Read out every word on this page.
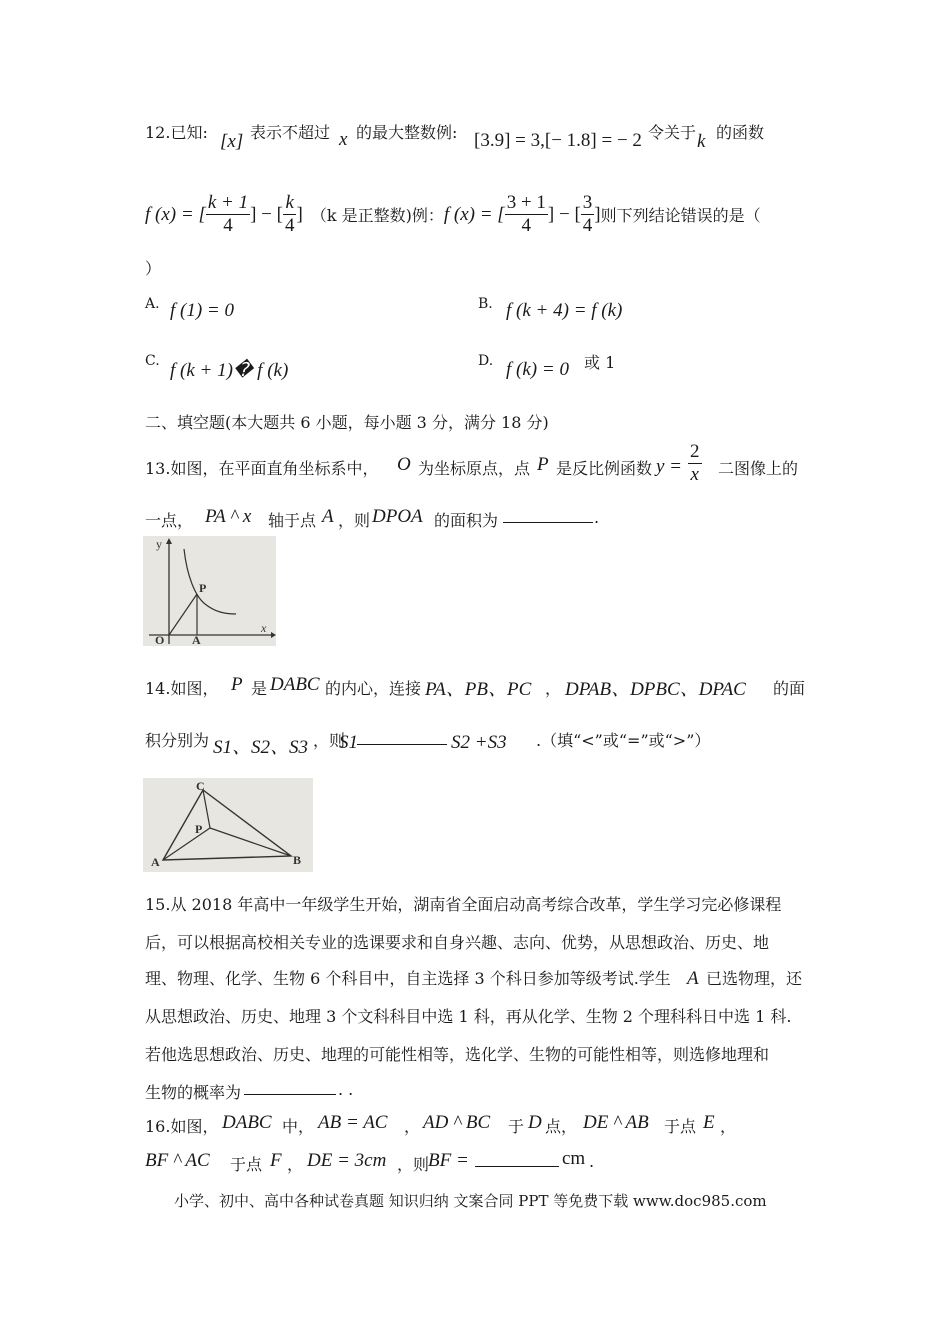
12.已知: [x] 表示不超过 x 的最大整数例: [3.9] = 3,[− 1.8] = − 2 令关于 k 的函数
f (x) = [ $\frac{k + 1}{4}$ ] − [ $\frac{k}{4}$ ] （k 是正整数)例： f (x) = [ $\frac{3 + 1}{4}$ ] − [ $\frac{3}{4}$ ] 则下列结论错误的是（
）
A. f (1) = 0	B. f (k + 4) = f (k)
C. f (k + 1)� f (k)	D. f (k) = 0 或 1
二、填空题(本大题共 6 小题，每小题 3 分，满分 18 分)
13.如图，在平面直角坐标系中， O 为坐标原点，点 P 是反比例函数 $y = \frac{2}{x}$ 二图像上的
一点， PA ^ x 轴于点 A ，则 DPOA 的面积为	.
y
x
P
O A
14.如图， P 是 DABC 的内心，连接 PA、PB、PC ， DPAB、DPBC、DPAC 的面
积分别为 S1、S2、S3 ，则
S1	S2 +S3 .（填“<”或“=”或“>”）
C
P
A	B
15.从 2018 年高中一年级学生开始，湖南省全面启动高考综合改革，学生学习完必修课程
后，可以根据高校相关专业的选课要求和自身兴趣、志向、优势，从思想政治、历史、地
理、物理、化学、生物 6 个科目中，自主选择 3 个科日参加等级考试.学生 A 已选物理，还
从思想政治、历史、地理 3 个文科科目中选 1 科，再从化学、生物 2 个理科科日中选 1 科.
若他选思想政治、历史、地理的可能性相等，选化学、生物的可能性相等，则选修地理和
生物的概率为	. .
16.如图， DABC 中， AB = AC ， AD ^ BC 于 D 点， DE ^ AB 于点 E ，
BF ^ AC 于点 F ， DE = 3cm ，则
BF =	cm .
小学、初中、高中各种试卷真题 知识归纳 文案合同 PPT 等免费下载 www.doc985.com
